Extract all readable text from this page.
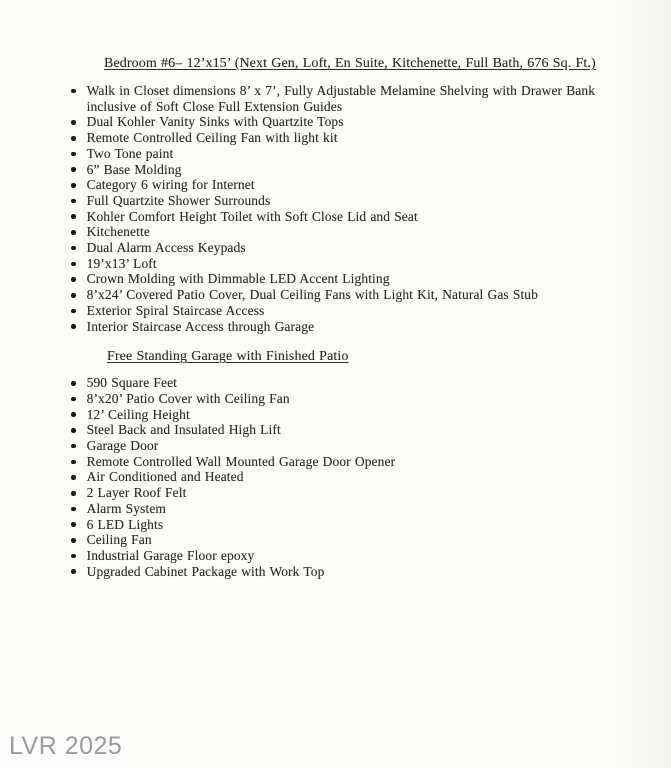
Bedroom #6– 12’x15’ (Next Gen, Loft, En Suite, Kitchenette, Full Bath, 676 Sq. Ft.)
Walk in Closet dimensions 8’ x 7’, Fully Adjustable Melamine Shelving with Drawer Bank inclusive of Soft Close Full Extension Guides
Dual Kohler Vanity Sinks with Quartzite Tops
Remote Controlled Ceiling Fan with light kit
Two Tone paint
6” Base Molding
Category 6 wiring for Internet
Full Quartzite Shower Surrounds
Kohler Comfort Height Toilet with Soft Close Lid and Seat
Kitchenette
Dual Alarm Access Keypads
19’x13’ Loft
Crown Molding with Dimmable LED Accent Lighting
8’x24’ Covered Patio Cover, Dual Ceiling Fans with Light Kit, Natural Gas Stub
Exterior Spiral Staircase Access
Interior Staircase Access through Garage
Free Standing Garage with Finished Patio
590 Square Feet
8’x20’ Patio Cover with Ceiling Fan
12’ Ceiling Height
Steel Back and Insulated High Lift
Garage Door
Remote Controlled Wall Mounted Garage Door Opener
Air Conditioned and Heated
2 Layer Roof Felt
Alarm System
6 LED Lights
Ceiling Fan
Industrial Garage Floor epoxy
Upgraded Cabinet Package with Work Top
LVR 2025
